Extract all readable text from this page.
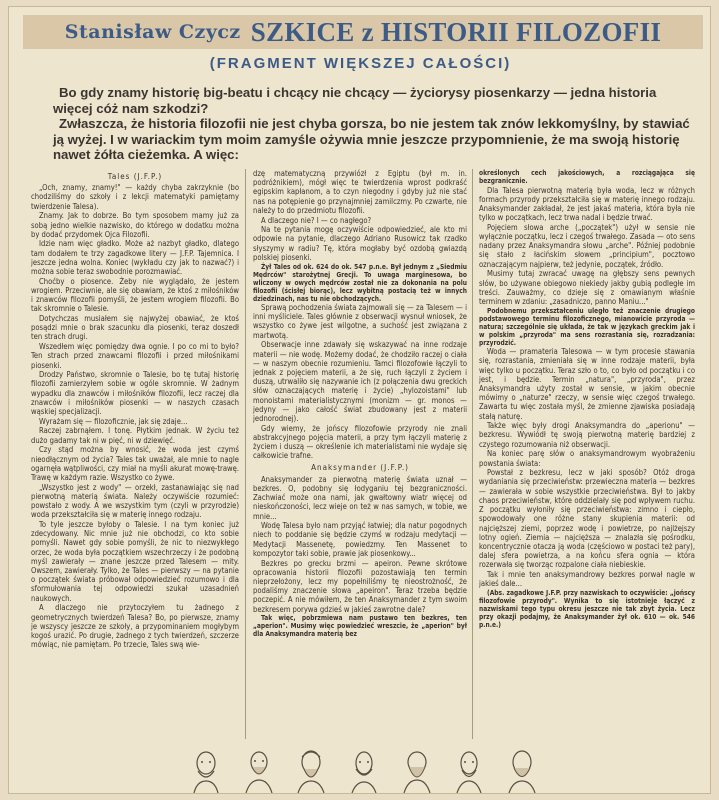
Stanisław Czycz SZKICE z HISTORII FILOZOFII
(FRAGMENT WIĘKSZEJ CAŁOŚCI)

Bo gdy znamy historię big-beatu i chcący nie chcący — życiorysy piosenkarzy — jedna historia więcej cóż nam szkodzi?

Zwłaszcza, że historia filozofii nie jest chyba gorsza, bo nie jestem tak znów lekkomyślny, by stawiać ją wyżej. I w wariackim tym moim zamyśle ożywia mnie jeszcze przypomnienie, że ma swoją historię nawet żółta cieżemka. A więc:

Tales (J.F.P.)

„Och, znamy, znamy!" — każdy chyba zakrzyknie (bo chodziliśmy do szkoły i z lekcji matematyki pamiętamy twierdzenie Talesa).

Znamy. Jak to dobrze. Bo tym sposobem mamy już za sobą jedno wielkie nazwisko, do którego w dodatku można by dodać przydomek Ojca Filozofii.

Idzie nam więc gładko. Może aż nazbyt gładko, dlatego tam dodałem te trzy zagadkowe litery — J.F.P. Tajemnica. I jeszcze jedna wolna. Koniec (wykładu czy jak to nazwać?) i można sobie teraz swobodnie porozmawiać.

Choćby o piosence. Żeby nie wyglądało, że jestem wrogiem. Przeciwnie, ale się obawiam, że ktoś z miłośników i znawców filozofii pomyśli, że jestem wrogiem filozofii. Bo tak skromnie o Talesie.

Dotychczas musiałem się najwyżej obawiać, że ktoś posądzi mnie o brak szacunku dla piosenki, teraz doszedł ten strach drugi.

Wszedłem więc pomiędzy dwa ognie. I po co mi to było? Ten strach przed znawcami filozofii i przed miłośnikami piosenki.

Drodzy Państwo, skromnie o Talesie, bo tę tutaj historię filozofii zamierzyłem sobie w ogóle skromnie. W żadnym wypadku dla znawców i miłośników filozofii, lecz raczej dla znawców i miłośników piosenki — w naszych czasach wąskiej specjalizacji.

Wyrażam się — filozoficznie, jak się zdaje...

Raczej zabrnąłem. I tonę. Płytkim jednak. W życiu też dużo gadamy tak ni w pięć, ni w dziewięć.

Czy stąd można by wnosić, że woda jest czymś nieodłącznym od życia? Tales tak uważał, ale mnie to nagle ogarnęła wątpliwości, czy miał na myśli akurat mowę-trawę. Trawę w każdym razie. Wszystko co żywe.

„Wszystko jest z wody" — orzekł, zastanawiając się nad pierwotną materią świata. Należy oczywiście rozumieć: powstało z wody. A we wszystkim tym (czyli w przyrodzie) woda przekształciła się w materię innego rodzaju.

To tyle jeszcze byłoby o Talesie. I na tym koniec już zdecydowany. Nic mnie już nie obchodzi, co kto sobie pomyśli. Nawet gdy sobie pomyśli, że nic to niezwykłego orzec, że woda była początkiem wszechrzeczy i że podobną myśl zawierały — znane jeszcze przed Talesem — mity. Owszem, zawierały. Tylko, że Tales — pierwszy — na pytanie o początek świata próbował odpowiedzieć rozumowo i dla sformułowania tej odpowiedzi szukał uzasadnień naukowych.

A dlaczego nie przytoczyłem tu żadnego z geometrycznych twierdzeń Talesa? Bo, po pierwsze, znamy je wszyscy jeszcze ze szkoły, a przypominaniem mogłybym kogoś urazić. Po drugie, żadnego z tych twierdzeń, szczerze mówiąc, nie pamiętam. Po trzecie, Tales swą wie-

dzę matematyczną przywiózł z Egiptu (był m. in. podróżnikiem), mógł więc te twierdzenia wprost podkraść egipskim kapłanom, a to czyn niegodny i gdyby już nie stać nas na potępienie go przynajmniej zamilczmy. Po czwarte, nie należy to do przedmiotu filozofii.

A dlaczego nie? I — co nagłego?

Na te pytania mogę oczywiście odpowiedzieć, ale kto mi odpowie na pytanie, dlaczego Adriano Rusowicz tak rzadko słyszymy w radiu? Tę, która mogłaby być ozdobą gwiazdą polskiej piosenki.

Żył Tales od ok. 624 do ok. 547 p.n.e. Był jednym z „Siedmiu Mędrców" starożytnej Grecji. To uwaga marginesowa, bo wliczony w owych mędrców został nie za dokonania na polu filozofii (ścisłej biorąc), lecz wybitną postacią też w innych dziedzinach, nas tu nie obchodzących.

Sprawą pochodzenia świata zajmowali się — za Talesem — i inni myśliciele. Tales głównie z obserwacji wysnuł wniosek, że wszystko co żywe jest wilgotne, a suchość jest związana z martwotą.

Obserwacje inne zdawały się wskazywać na inne rodzaje materii — nie wodę. Możemy dodać, że chodziło raczej o ciała — w naszym obecnie rozumieniu. Tamci filozofowie łączyli to jednak z pojęciem materii, a że się, ruch łączyli z życiem i duszą, utrwaliło się nazywanie ich (z połączenia dwu greckich słów oznaczających materię i życie) „hylozoistami" lub monoistami materialistycznymi (monizm — gr. monos — jedyny — jako całość świat zbudowany jest z materii jednorodnej).

Gdy wiemy, że jońscy filozofowie przyrody nie znali abstrakcyjnego pojęcia materii, a przy tym łączyli materię z życiem i duszą — określenie ich materialistami nie wydaje się całkowicie trafne.

Anaksymander (J.F.P.)

Anaksymander za pierwotną materię świata uznał — bezkres. O, podobny się łodyganiu tej bezgraniczności. Zachwiać może ona nami, jak gwałtowny wiatr więcej od nieskończoności, lecz wieje on też w nas samych, w tobie, we mnie...

Wodę Talesa było nam przyjąć łatwiej; dla natur pogodnych niech to poddanie się będzie czymś w rodzaju medytacji — Medytacji Massenetę, powiedzmy. Ten Massenet to kompozytor taki sobie, prawie jak piosenkowy...

Bezkres po grecku brzmi — apeiron. Pewne skrótowe opracowania historii filozofii pozostawiają ten termin nieprzełożony, lecz my popełniliśmy tę nieostrożność, że podaliśmy znaczenie słowa „apeiron". Teraz trzeba będzie poczepić. A nie mówiłem, że ten Anaksymander z tym swoim bezkresem porywa gdzieś w jakieś zawrotne dale?

Tak więc, pobrzmiewa nam pustawo ten bezkres, ten „aperion". Musimy więc powiedzieć wreszcie, że „aperion" był dla Anaksymandra materią bez

określonych cech jakościowych, a rozciągająca się bezgranicznie.

Dla Talesa pierwotną materią była woda, lecz w różnych formach przyrody przekształciła się w materię innego rodzaju. Anaksymander zakładał, że jest jakaś materia, która była nie tylko w początkach, lecz trwa nadal i będzie trwać.

Pojęciem słowa arche („początek") użył w sensie nie wyłącznie początku, lecz i czegoś trwałego. Zasada — oto sens nadany przez Anaksymandra słowu „arche". Później podobnie się stało z łacińskim słowem „principium", pocztowo oznaczającym najpierw, też jedynie, początek, źródło.

Musimy tutaj zwracać uwagę na głębszy sens pewnych słów, bo używane obiegowo niekiedy jakby gubią podległe im treści. Zauważmy, co dzieje się z omawianym właśnie terminem w zdaniu: „zasadniczo, panno Maniu..."

Podobnemu przekształceniu uległo też znaczenie drugiego podstawowego terminu filozoficznego, mianowicie przyroda — natura; szczególnie się układa, że tak w językach greckim jak i w polskim „przyroda" ma sens rozrastania się, rozradzania: przyrodzić.

Woda — pramateria Talesowa — w tym procesie stawania się, rozrastania, zmieniała się w inne rodzaje materii, była więc tylko u początku. Teraz szło o to, co było od początku i co jest, i będzie. Termin „natura", „przyroda", przez Anaksymandra użyty został w sensie, w jakim obecnie mówimy o „naturze" rzeczy, w sensie więc czegoś trwałego. Zawarta tu więc została myśl, że zmienne zjawiska posiadają stałą naturę.

Także więc były drogi Anaksymandra do „aperionu" — bezkresu. Wywiódł tę swoją pierwotną materię bardziej z czystego rozumowania niż obserwacji.

Na koniec parę słów o anaksymandrowym wyobrażeniu powstania świata:

Powstał z bezkresu, lecz w jaki sposób? Otóż droga wydaniania się przeciwieństw: przewieczna materia — bezkres — zawierała w sobie wszystkie przeciwieństwa. Był to jakby chaos przeciwieństw, które oddzielały się pod wpływem ruchu. Z początku wyłoniły się przeciwieństwa: zimno i ciepło, spowodowały one różne stany skupienia materii: od najcięższej ziemi, poprzez wodę i powietrze, po najlżejszy lotny ogień. Ziemia — najcięższa — znalazła się pośrodku, koncentrycznie otacza ją woda (częściowo w postaci też pary), dalej sfera powietrza, a na końcu sfera ognia — która rozerwała się tworząc rozpalone ciała niebieskie.

Tak i mnie ten anaksymandrowy bezkres porwał nagle w jakieś dale...

(Abs. zagadkowe J.F.P. przy nazwiskach to oczywiście: „jońscy filozofowie przyrody". Wynika to się istotnieje łączyć z nazwiskami tego typu okresu jeszcze nie tak zbyt życia. Lecz przy okazji podajmy, że Anaksymander żył ok. 610 — ok. 546 p.n.e.)
